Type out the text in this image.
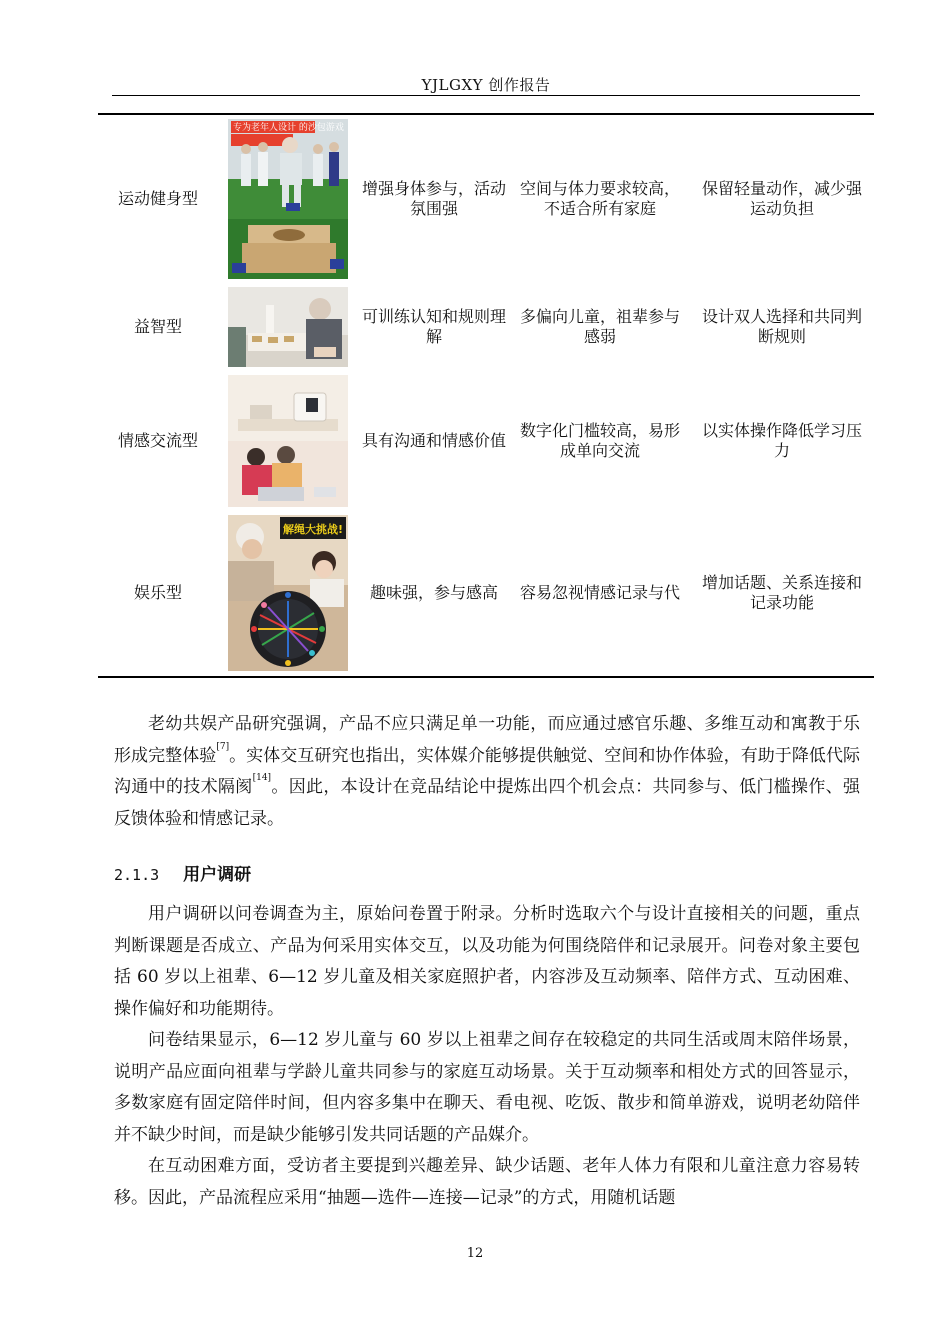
YJLGXY 创作报告
运动健身型
专为老年人设计 的沙包游戏
增强身体参与，活动氛围强
空间与体力要求较高，不适合所有家庭
保留轻量动作，减少强运动负担
益智型
可训练认知和规则理解
多偏向儿童，祖辈参与感弱
设计双人选择和共同判断规则
情感交流型	具有沟通和情感价值
数字化门槛较高，易形成单向交流
以实体操作降低学习压力
娱乐型
解绳大挑战!
趣味强，参与感高	容易忽视情感记录与代
增加话题、关系连接和记录功能

老幼共娱产品研究强调，产品不应只满足单一功能，而应通过感官乐趣、多维互动和寓教于乐形成完整体验[7]。实体交互研究也指出，实体媒介能够提供触觉、空间和协作体验，有助于降低代际沟通中的技术隔阂[14]。因此，本设计在竞品结论中提炼出四个机会点：共同参与、低门槛操作、强反馈体验和情感记录。

2.1.3 用户调研

用户调研以问卷调查为主，原始问卷置于附录。分析时选取六个与设计直接相关的问题，重点判断课题是否成立、产品为何采用实体交互，以及功能为何围绕陪伴和记录展开。问卷对象主要包括 60 岁以上祖辈、6—12 岁儿童及相关家庭照护者，内容涉及互动频率、陪伴方式、互动困难、操作偏好和功能期待。

问卷结果显示，6—12 岁儿童与 60 岁以上祖辈之间存在较稳定的共同生活或周末陪伴场景，说明产品应面向祖辈与学龄儿童共同参与的家庭互动场景。关于互动频率和相处方式的回答显示，多数家庭有固定陪伴时间，但内容多集中在聊天、看电视、吃饭、散步和简单游戏，说明老幼陪伴并不缺少时间，而是缺少能够引发共同话题的产品媒介。

在互动困难方面，受访者主要提到兴趣差异、缺少话题、老年人体力有限和儿童注意力容易转移。因此，产品流程应采用“抽题—选件—连接—记录”的方式，用随机话题

12
